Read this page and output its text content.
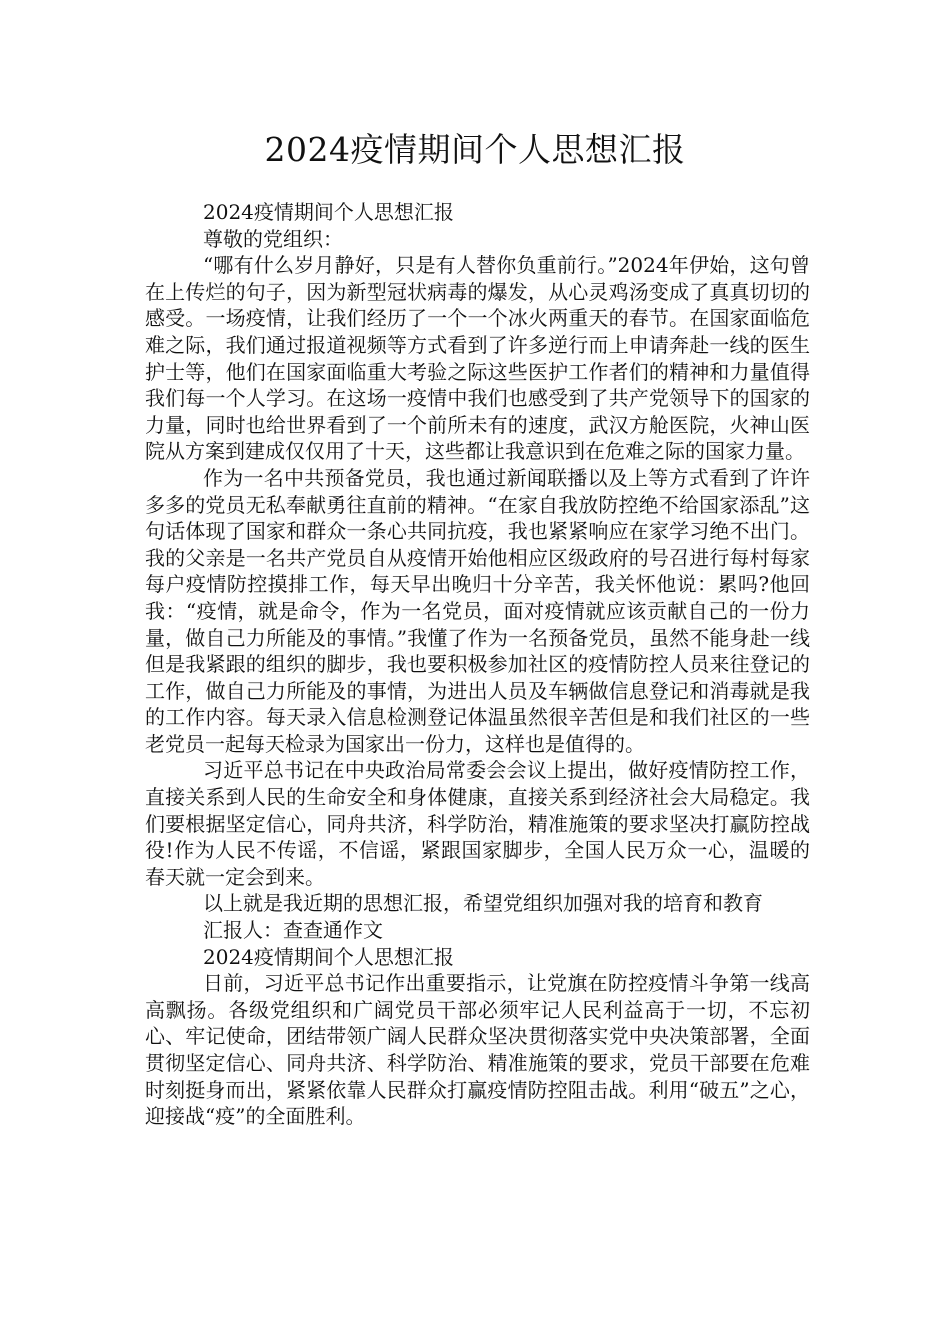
2024疫情期间个人思想汇报

2024疫情期间个人思想汇报

尊敬的党组织：

“哪有什么岁月静好，只是有人替你负重前行。”2024年伊始，这句曾在上传烂的句子，因为新型冠状病毒的爆发，从心灵鸡汤变成了真真切切的感受。一场疫情，让我们经历了一个一个冰火两重天的春节。在国家面临危难之际，我们通过报道视频等方式看到了许多逆行而上申请奔赴一线的医生护士等，他们在国家面临重大考验之际这些医护工作者们的精神和力量值得我们每一个人学习。在这场一疫情中我们也感受到了共产党领导下的国家的力量，同时也给世界看到了一个前所未有的速度，武汉方舱医院，火神山医院从方案到建成仅仅用了十天，这些都让我意识到在危难之际的国家力量。

作为一名中共预备党员，我也通过新闻联播以及上等方式看到了许许多多的党员无私奉献勇往直前的精神。“在家自我放防控绝不给国家添乱”这句话体现了国家和群众一条心共同抗疫，我也紧紧响应在家学习绝不出门。我的父亲是一名共产党员自从疫情开始他相应区级政府的号召进行每村每家每户疫情防控摸排工作，每天早出晚归十分辛苦，我关怀他说：累吗?他回我：“疫情，就是命令，作为一名党员，面对疫情就应该贡献自己的一份力量，做自己力所能及的事情。”我懂了作为一名预备党员，虽然不能身赴一线但是我紧跟的组织的脚步，我也要积极参加社区的疫情防控人员来往登记的工作，做自己力所能及的事情，为进出人员及车辆做信息登记和消毒就是我的工作内容。每天录入信息检测登记体温虽然很辛苦但是和我们社区的一些老党员一起每天检录为国家出一份力，这样也是值得的。

习近平总书记在中央政治局常委会会议上提出，做好疫情防控工作，直接关系到人民的生命安全和身体健康，直接关系到经济社会大局稳定。我们要根据坚定信心，同舟共济，科学防治，精准施策的要求坚决打赢防控战役!作为人民不传谣，不信谣，紧跟国家脚步，全国人民万众一心，温暖的春天就一定会到来。

以上就是我近期的思想汇报，希望党组织加强对我的培育和教育

汇报人：查查通作文

2024疫情期间个人思想汇报

日前，习近平总书记作出重要指示，让党旗在防控疫情斗争第一线高高飘扬。各级党组织和广阔党员干部必须牢记人民利益高于一切，不忘初心、牢记使命，团结带领广阔人民群众坚决贯彻落实党中央决策部署，全面贯彻坚定信心、同舟共济、科学防治、精准施策的要求，党员干部要在危难时刻挺身而出，紧紧依靠人民群众打赢疫情防控阻击战。利用“破五”之心，迎接战“疫”的全面胜利。
